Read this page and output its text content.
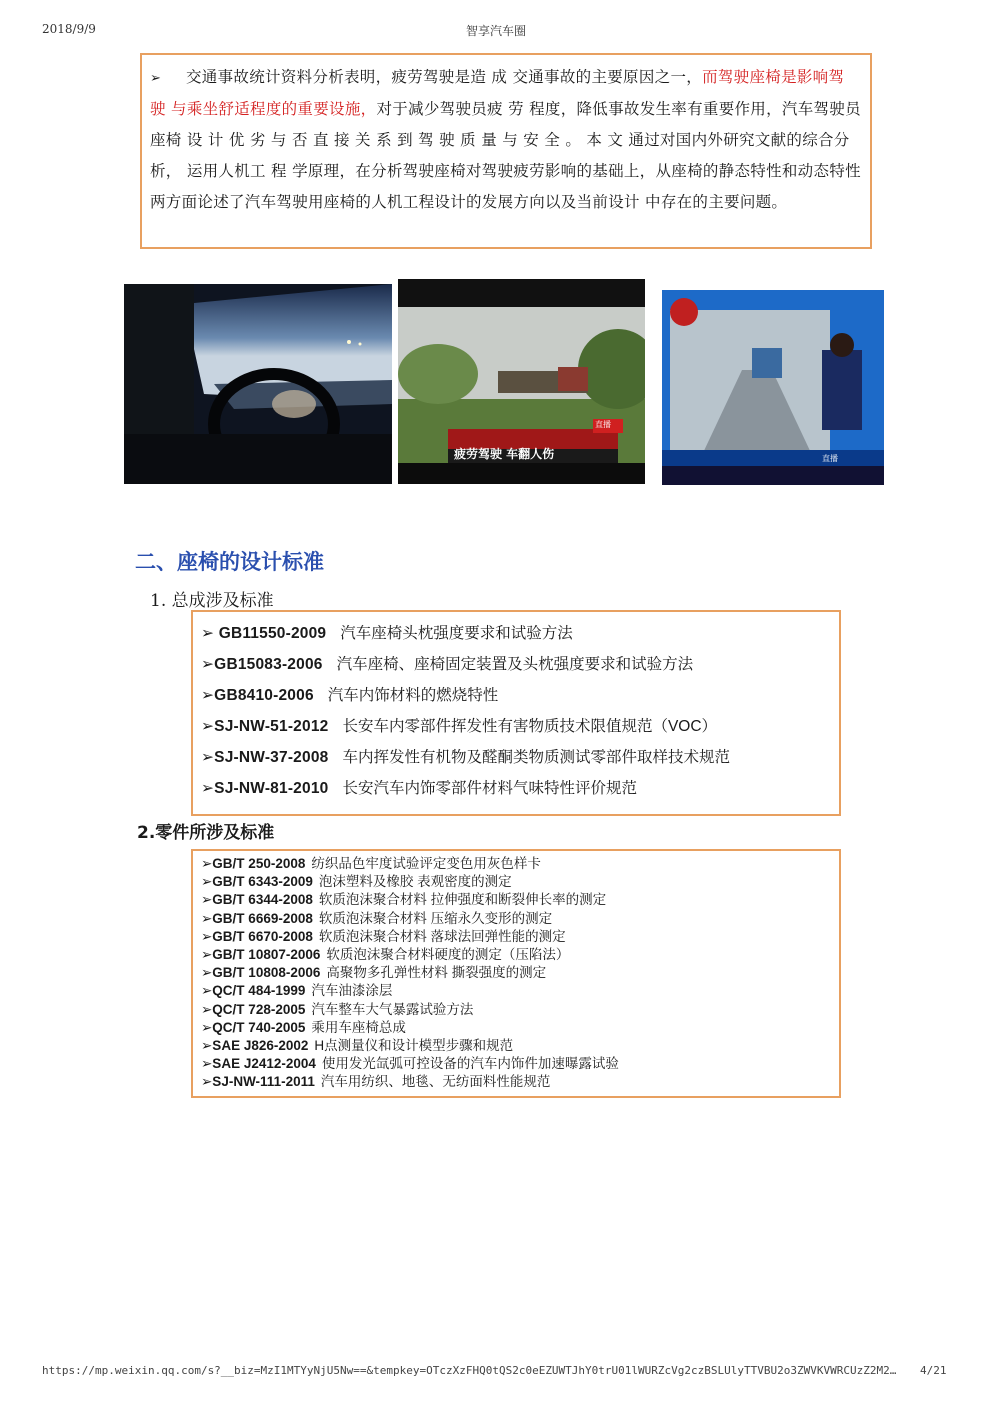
2018/9/9	智享汽车圈
➢ 交通事故统计资料分析表明，疲劳驾驶是造 成 交通事故的主要原因之一，而驾驶座椅是影响驾 驶 与乘坐舒适程度的重要设施，对于减少驾驶员疲 劳 程度，降低事故发生率有重要作用，汽车驾驶员座椅 设 计 优 劣 与 否 直 接 关 系 到 驾 驶 质 量 与 安 全 。 本 文 通过对国内外研究文献的综合分析， 运用人机工 程 学原理，在分析驾驶座椅对驾驶疲劳影响的基础上，从座椅的静态特性和动态特性两方面论述了汽车驾驶用座椅的人机工程设计的发展方向以及当前设计 中存在的主要问题。
疲劳驾驶 车翻人伤
直播
直播
二、座椅的设计标准
1. 总成涉及标准
➢ GB11550-2009 汽车座椅头枕强度要求和试验方法
➢GB15083-2006 汽车座椅、座椅固定装置及头枕强度要求和试验方法
➢GB8410-2006 汽车内饰材料的燃烧特性
➢SJ-NW-51-2012 长安车内零部件挥发性有害物质技术限值规范（VOC）
➢SJ-NW-37-2008 车内挥发性有机物及醛酮类物质测试零部件取样技术规范
➢SJ-NW-81-2010 长安汽车内饰零部件材料气味特性评价规范
2.零件所涉及标准
➢GB/T 250-2008 纺织品色牢度试验评定变色用灰色样卡
➢GB/T 6343-2009 泡沫塑料及橡胶 表观密度的测定
➢GB/T 6344-2008 软质泡沫聚合材料 拉伸强度和断裂伸长率的测定
➢GB/T 6669-2008 软质泡沫聚合材料 压缩永久变形的测定
➢GB/T 6670-2008 软质泡沫聚合材料 落球法回弹性能的测定
➢GB/T 10807-2006 软质泡沫聚合材料硬度的测定（压陷法）
➢GB/T 10808-2006 高聚物多孔弹性材料 撕裂强度的测定
➢QC/T 484-1999 汽车油漆涂层
➢QC/T 728-2005 汽车整车大气暴露试验方法
➢QC/T 740-2005 乘用车座椅总成
➢SAE J826-2002 H点测量仪和设计模型步骤和规范
➢SAE J2412-2004 使用发光氙弧可控设备的汽车内饰件加速曝露试验
➢SJ-NW-111-2011 汽车用纺织、地毯、无纺面料性能规范
https://mp.weixin.qq.com/s?__biz=MzI1MTYyNjU5Nw==&tempkey=OTczXzFHQ0tQS2c0eEZUWTJhY0trU01lWURZcVg2czBSLUlyTTVBU2o3ZWVKVWRCUzZ2M2…	4/21
